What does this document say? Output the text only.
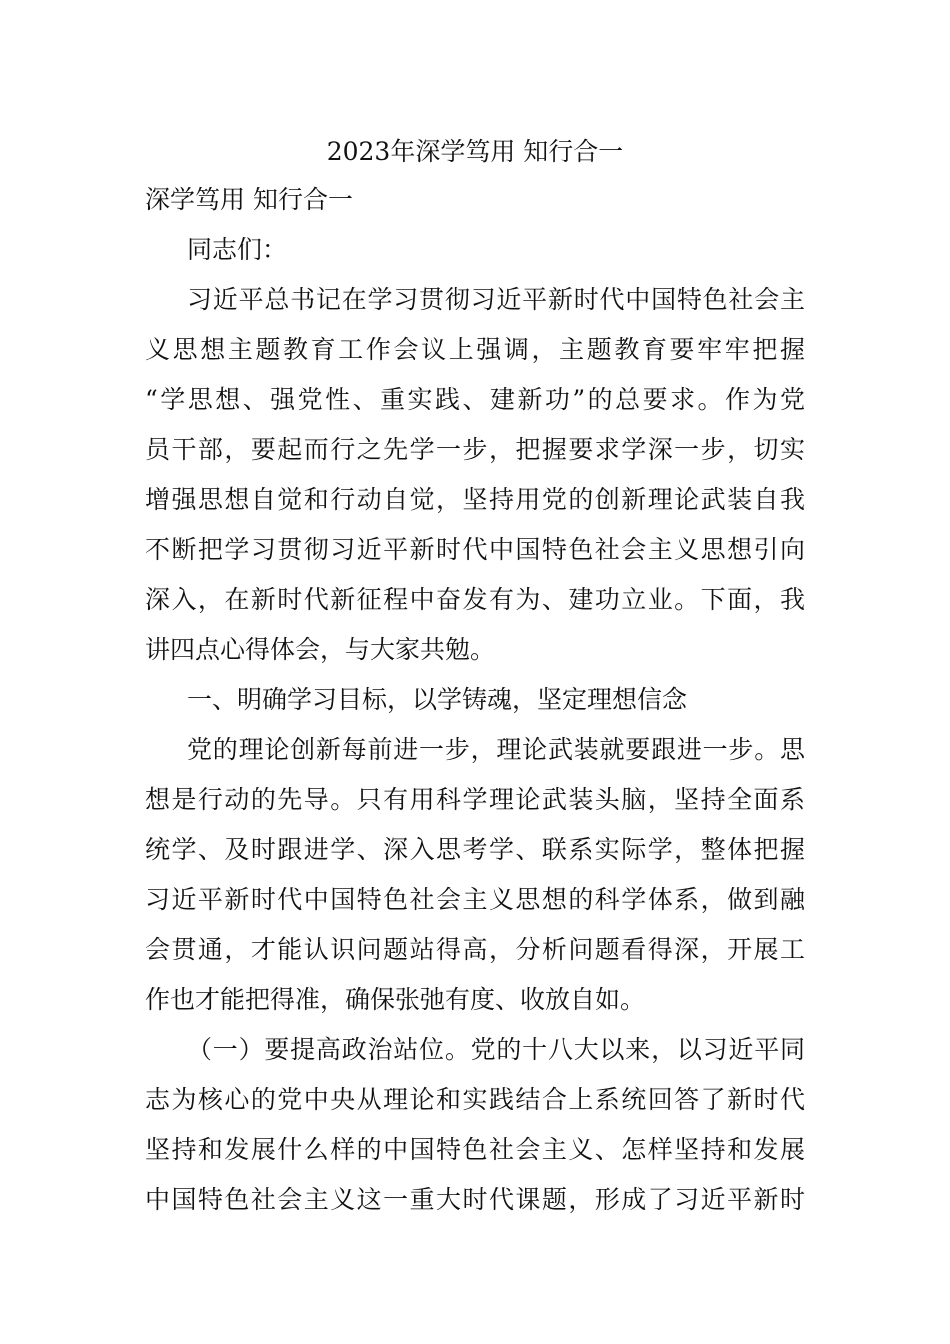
2023年深学笃用 知行合一
深学笃用 知行合一
同志们：
习近平总书记在学习贯彻习近平新时代中国特色社会主
义思想主题教育工作会议上强调，主题教育要牢牢把握
“学思想、强党性、重实践、建新功”的总要求。作为党
员干部，要起而行之先学一步，把握要求学深一步，切实
增强思想自觉和行动自觉，坚持用党的创新理论武装自我
不断把学习贯彻习近平新时代中国特色社会主义思想引向
深入，在新时代新征程中奋发有为、建功立业。下面，我
讲四点心得体会，与大家共勉。
一、明确学习目标，以学铸魂，坚定理想信念
党的理论创新每前进一步，理论武装就要跟进一步。思
想是行动的先导。只有用科学理论武装头脑，坚持全面系
统学、及时跟进学、深入思考学、联系实际学，整体把握
习近平新时代中国特色社会主义思想的科学体系，做到融
会贯通，才能认识问题站得高，分析问题看得深，开展工
作也才能把得准，确保张弛有度、收放自如。
（一）要提高政治站位。党的十八大以来，以习近平同
志为核心的党中央从理论和实践结合上系统回答了新时代
坚持和发展什么样的中国特色社会主义、怎样坚持和发展
中国特色社会主义这一重大时代课题，形成了习近平新时
